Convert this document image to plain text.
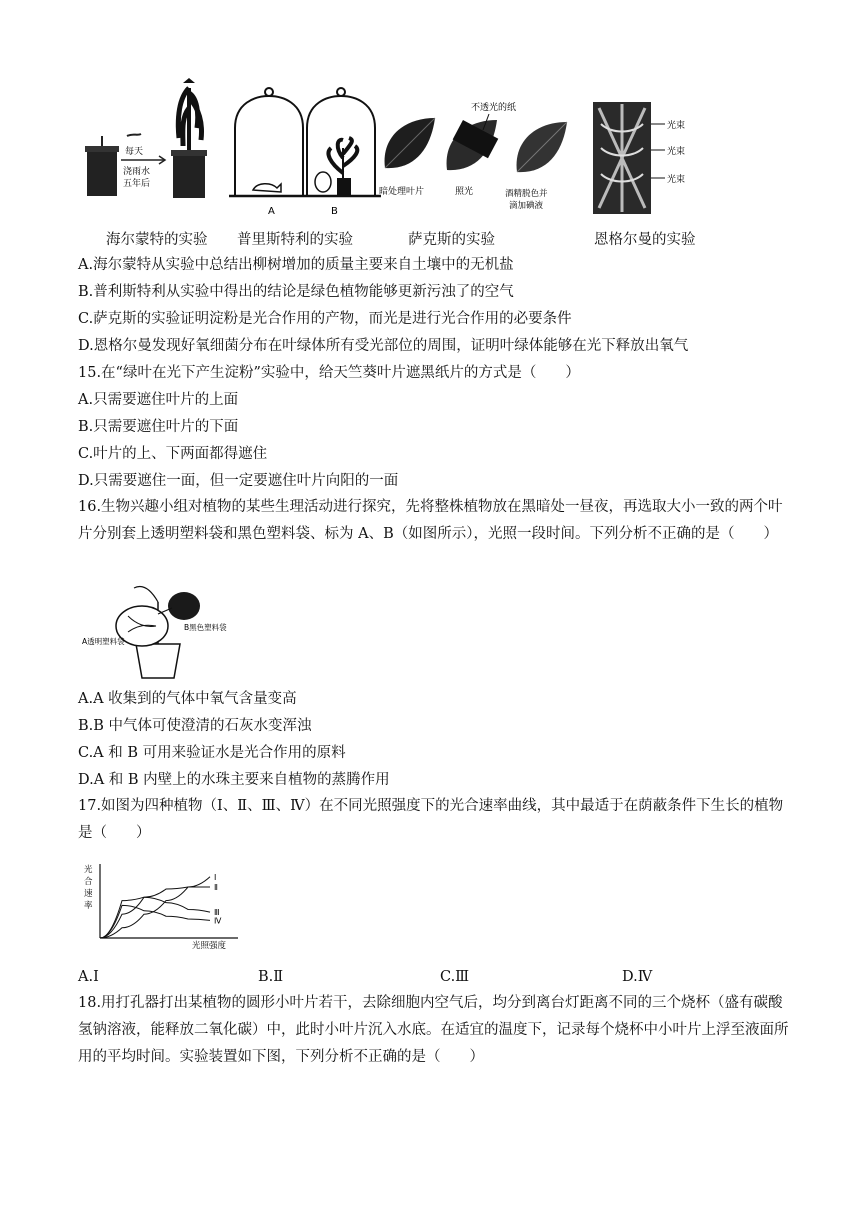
每天
浇雨水
五年后
A	B
不透光的纸
暗处理叶片	照光	酒精脱色并
滴加碘液
光束
光束
光束
海尔蒙特的实验 普里斯特利的实验	萨克斯的实验	恩格尔曼的实验
A.海尔蒙特从实验中总结出柳树增加的质量主要来自土壤中的无机盐
B.普利斯特利从实验中得出的结论是绿色植物能够更新污浊了的空气
C.萨克斯的实验证明淀粉是光合作用的产物，而光是进行光合作用的必要条件
D.恩格尔曼发现好氧细菌分布在叶绿体所有受光部位的周围，证明叶绿体能够在光下释放出氧气
15.在“绿叶在光下产生淀粉”实验中，给天竺葵叶片遮黑纸片的方式是（　　）
A.只需要遮住叶片的上面
B.只需要遮住叶片的下面
C.叶片的上、下两面都得遮住
D.只需要遮住一面，但一定要遮住叶片向阳的一面
16.生物兴趣小组对植物的某些生理活动进行探究，先将整株植物放在黑暗处一昼夜，再选取大小一致的两个叶片分别套上透明塑料袋和黑色塑料袋、标为 A、B（如图所示），光照一段时间。下列分析不正确的是（　　）
A透明塑料袋
B黑色塑料袋
A.A 收集到的气体中氧气含量变高
B.B 中气体可使澄清的石灰水变浑浊
C.A 和 B 可用来验证水是光合作用的原料
D.A 和 B 内壁上的水珠主要来自植物的蒸腾作用
17.如图为四种植物（Ⅰ、Ⅱ、Ⅲ、Ⅳ）在不同光照强度下的光合速率曲线，其中最适于在荫蔽条件下生长的植物是（　　）
光
合
速
率
光照强度
Ⅰ
Ⅱ
Ⅲ
Ⅳ
A.Ⅰ	B.Ⅱ	C.Ⅲ	D.Ⅳ
18.用打孔器打出某植物的圆形小叶片若干，去除细胞内空气后，均分到离台灯距离不同的三个烧杯（盛有碳酸氢钠溶液，能释放二氧化碳）中，此时小叶片沉入水底。在适宜的温度下，记录每个烧杯中小叶片上浮至液面所用的平均时间。实验装置如下图，下列分析不正确的是（　　）
